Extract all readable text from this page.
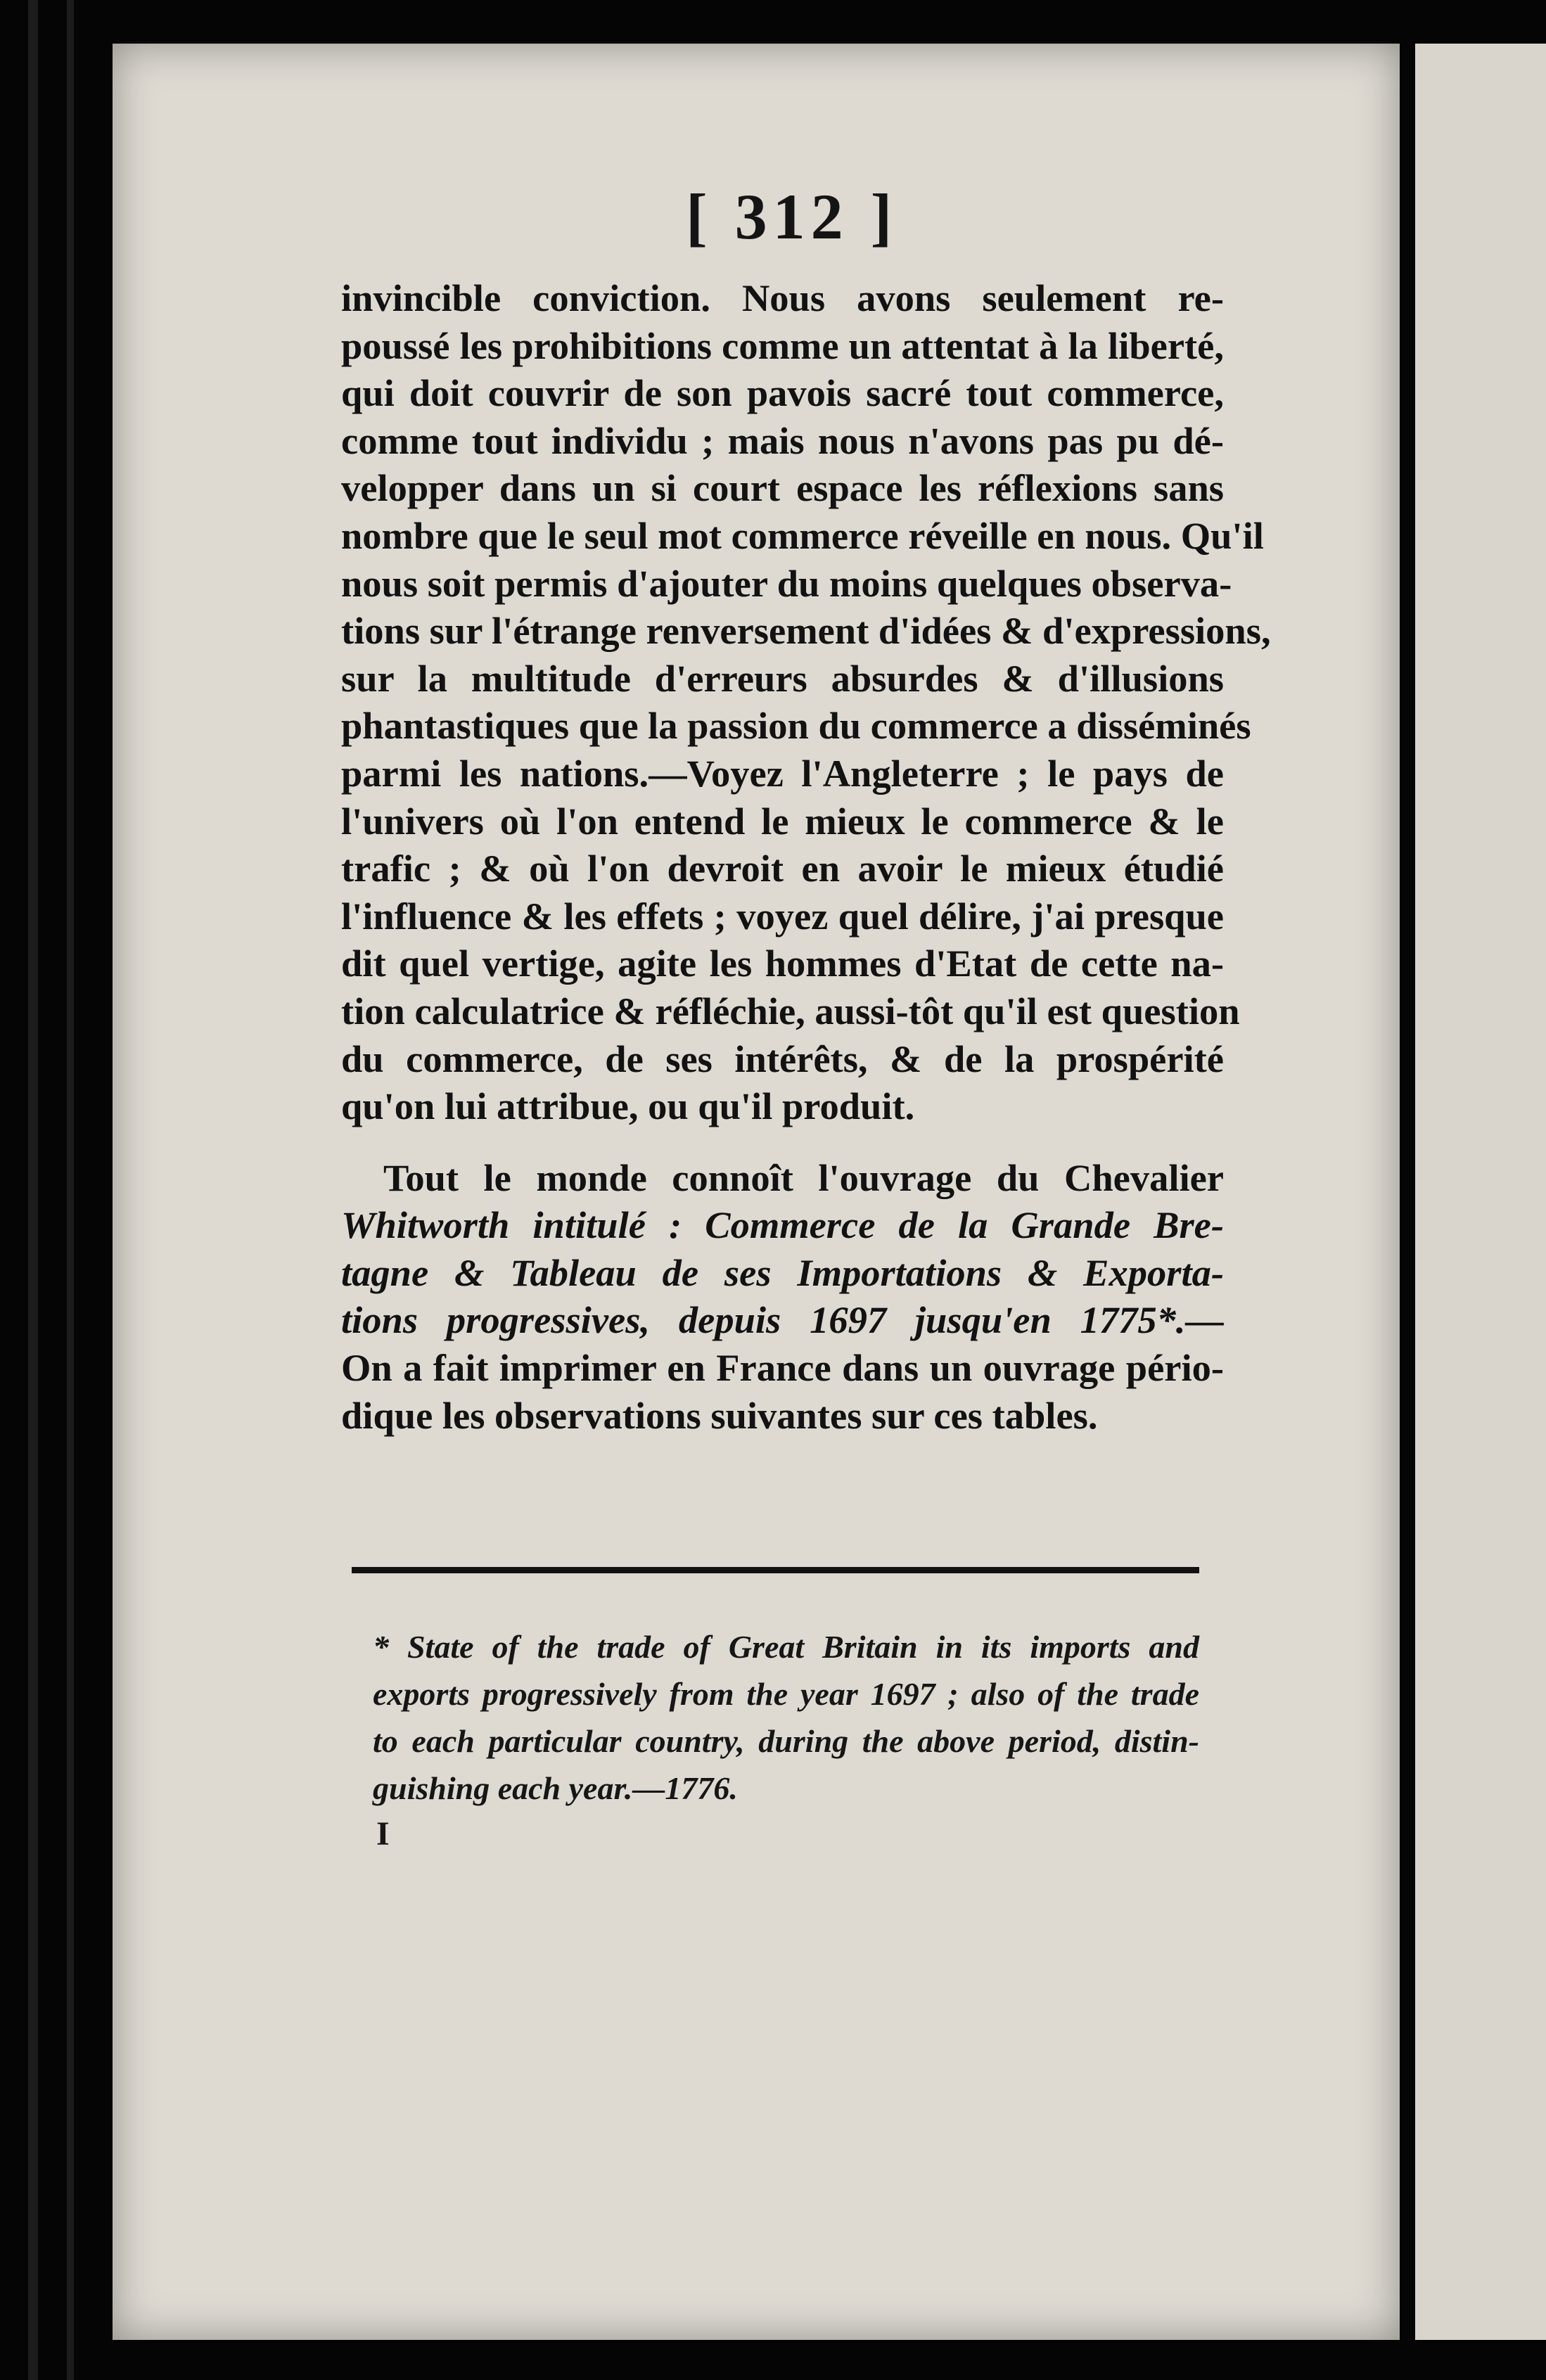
[ 312 ]
invincible conviction. Nous avons seulement re-
poussé les prohibitions comme un attentat à la liberté,
qui doit couvrir de son pavois sacré tout commerce,
comme tout individu ; mais nous n'avons pas pu dé-
velopper dans un si court espace les réflexions sans
nombre que le seul mot commerce réveille en nous. Qu'il
nous soit permis d'ajouter du moins quelques observa-
tions sur l'étrange renversement d'idées & d'expressions,
sur la multitude d'erreurs absurdes & d'illusions
phantastiques que la passion du commerce a disséminés
parmi les nations.—Voyez l'Angleterre ; le pays de
l'univers où l'on entend le mieux le commerce & le
trafic ; & où l'on devroit en avoir le mieux étudié
l'influence & les effets ; voyez quel délire, j'ai presque
dit quel vertige, agite les hommes d'Etat de cette na-
tion calculatrice & réfléchie, aussi-tôt qu'il est question
du commerce, de ses intérêts, & de la prospérité
qu'on lui attribue, ou qu'il produit.
Tout le monde connoît l'ouvrage du Chevalier
Whitworth intitulé : Commerce de la Grande Bre-
tagne & Tableau de ses Importations & Exporta-
tions progressives, depuis 1697 jusqu'en 1775*.—
On a fait imprimer en France dans un ouvrage pério-
dique les observations suivantes sur ces tables.
* State of the trade of Great Britain in its imports and
exports progressively from the year 1697 ; also of the trade
to each particular country, during the above period, distin-
guishing each year.—1776.
I
